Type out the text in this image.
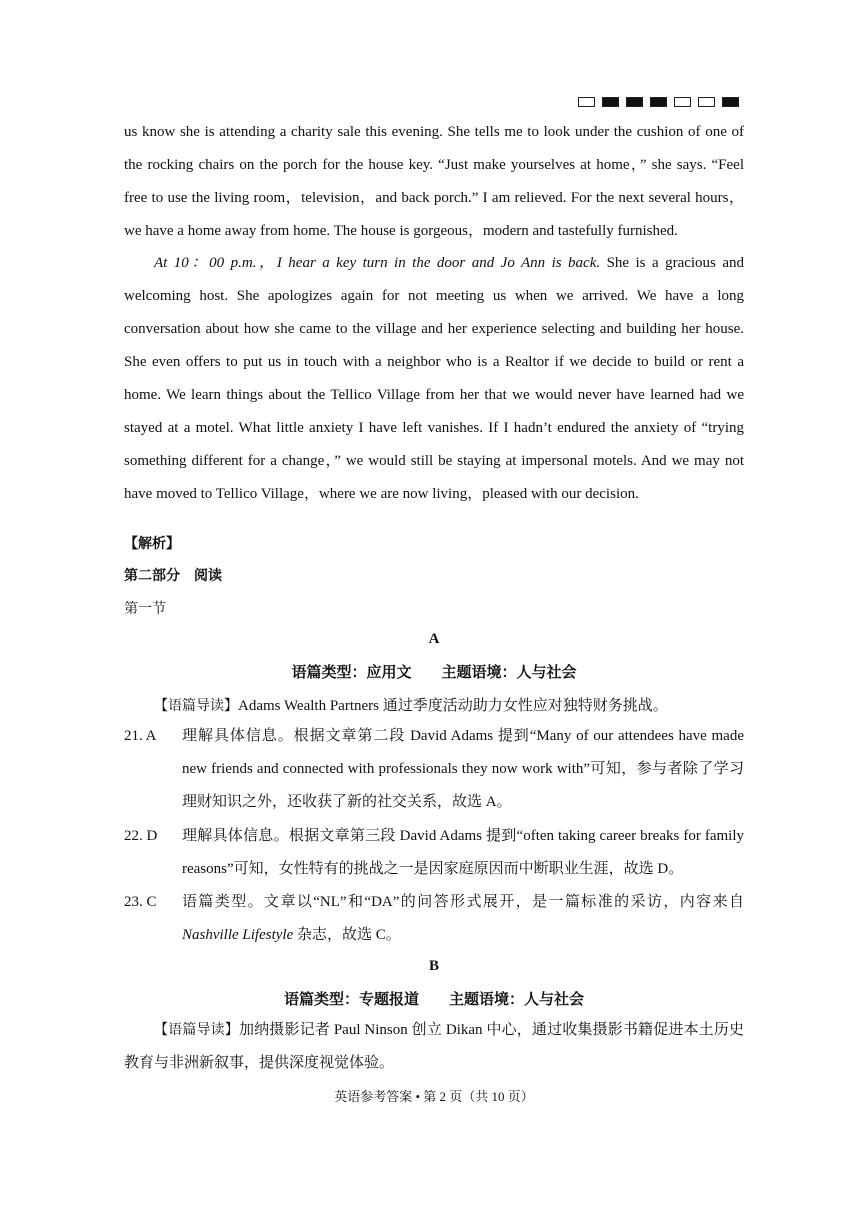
us know she is attending a charity sale this evening. She tells me to look under the cushion of one of the rocking chairs on the porch for the house key. “Just make yourselves at home，” she says. “Feel free to use the living room，television，and back porch.” I am relieved. For the next several hours，we have a home away from home. The house is gorgeous，modern and tastefully furnished.
At 10：00 p.m.，I hear a key turn in the door and Jo Ann is back. She is a gracious and welcoming host. She apologizes again for not meeting us when we arrived. We have a long conversation about how she came to the village and her experience selecting and building her house. She even offers to put us in touch with a neighbor who is a Realtor if we decide to build or rent a home. We learn things about the Tellico Village from her that we would never have learned had we stayed at a motel. What little anxiety I have left vanishes. If I hadn’t endured the anxiety of “trying something different for a change，” we would still be staying at impersonal motels. And we may not have moved to Tellico Village，where we are now living，pleased with our decision.
【解析】
第二部分　阅读
第一节
A
语篇类型：应用文　　主题语境：人与社会
【语篇导读】Adams Wealth Partners 通过季度活动助力女性应对独特财务挑战。
21. A 理解具体信息。根据文章第二段 David Adams 提到“Many of our attendees have made new friends and connected with professionals they now work with”可知，参与者除了学习理财知识之外，还收获了新的社交关系，故选 A。
22. D 理解具体信息。根据文章第三段 David Adams 提到“often taking career breaks for family reasons”可知，女性特有的挑战之一是因家庭原因而中断职业生涯，故选 D。
23. C 语篇类型。文章以“NL”和“DA”的问答形式展开，是一篇标准的采访，内容来自 Nashville Lifestyle 杂志，故选 C。
B
语篇类型：专题报道　　主题语境：人与社会
【语篇导读】加纳摄影记者 Paul Ninson 创立 Dikan 中心，通过收集摄影书籍促进本土历史教育与非洲新叙事，提供深度视觉体验。
英语参考答案 • 第 2 页（共 10 页）
